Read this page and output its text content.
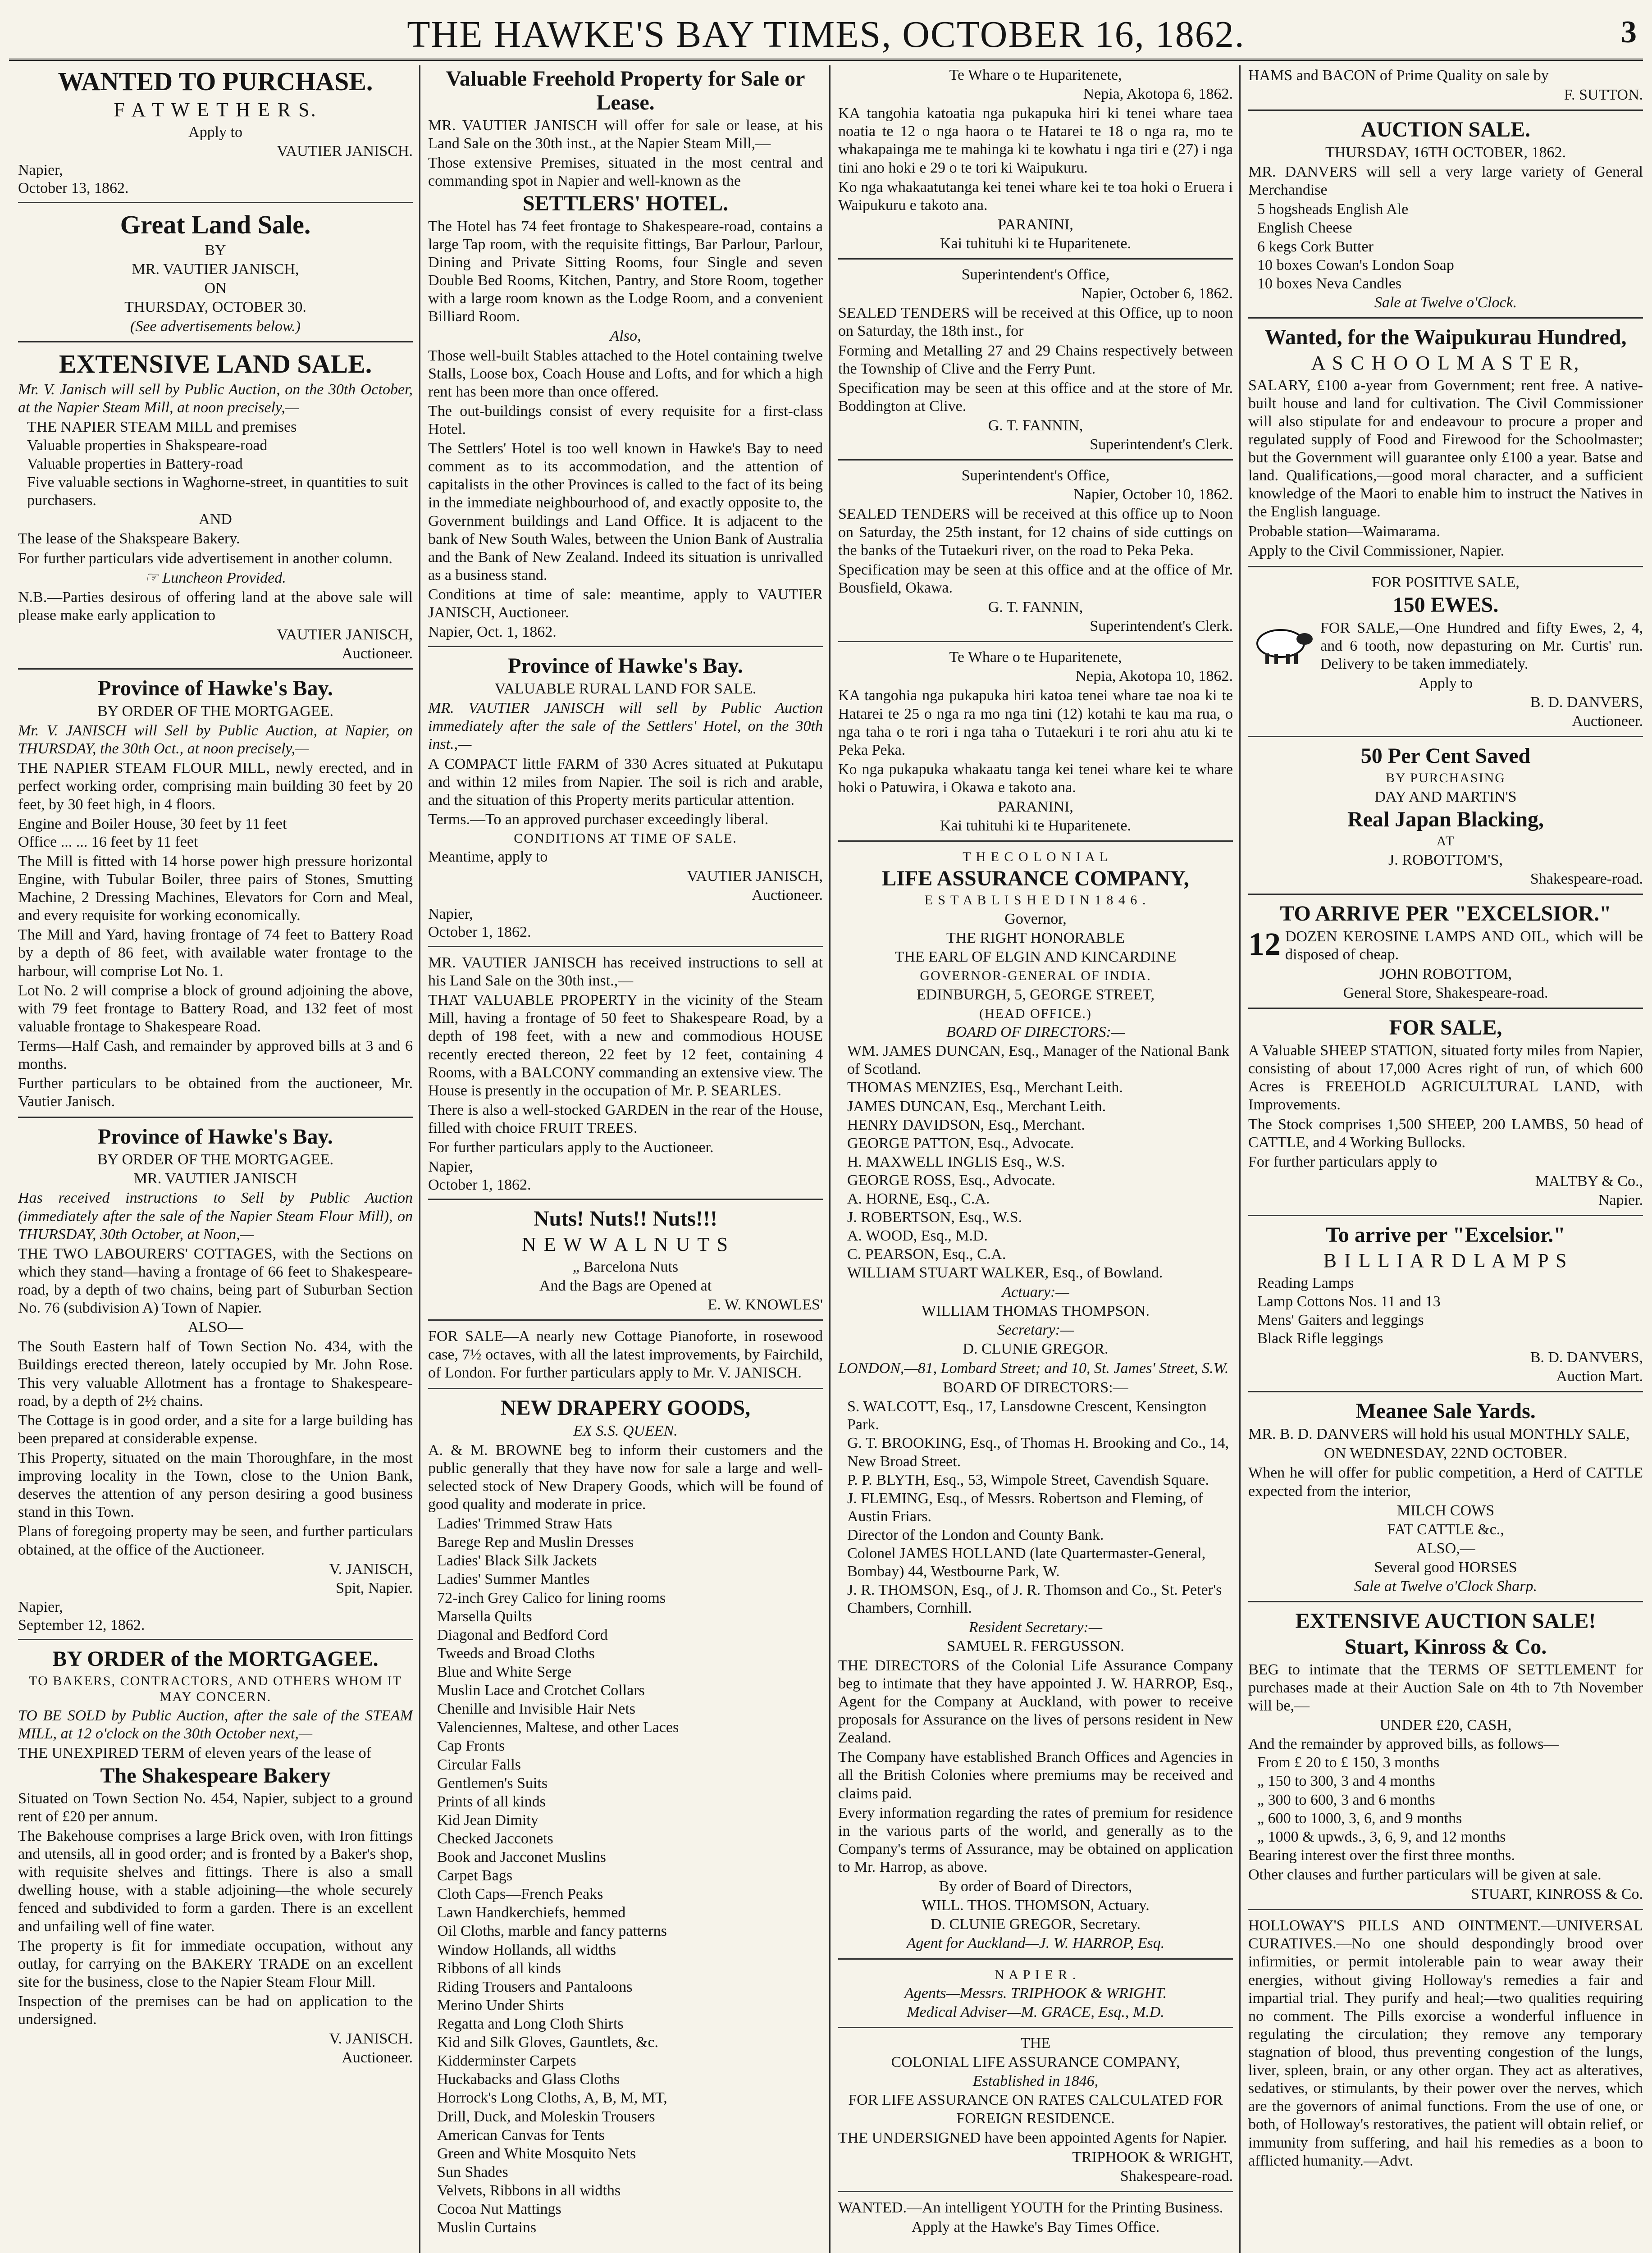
THE HAWKE'S BAY TIMES, OCTOBER 16, 1862.	3
WANTED TO PURCHASE.
F A T W E T H E R S.
Apply to
VAUTIER JANISCH.
Napier,
October 13, 1862.
Great Land Sale.
BY
MR. VAUTIER JANISCH,
ON
THURSDAY, OCTOBER 30.
(See advertisements below.)
EXTENSIVE LAND SALE.

Mr. V. Janisch will sell by Public Auction, on the 30th October, at the Napier Steam Mill, at noon precisely,—

THE NAPIER STEAM MILL and premises
Valuable properties in Shakspeare-road
Valuable properties in Battery-road
Five valuable sections in Waghorne-street, in quantities to suit purchasers.
AND

The lease of the Shakspeare Bakery.

For further particulars vide advertisement in another column.

☞ Luncheon Provided.

N.B.—Parties desirous of offering land at the above sale will please make early application to

VAUTIER JANISCH,
Auctioneer.
Province of Hawke's Bay.
BY ORDER OF THE MORTGAGEE.

Mr. V. JANISCH will Sell by Public Auction, at Napier, on THURSDAY, the 30th Oct., at noon precisely,—

THE NAPIER STEAM FLOUR MILL, newly erected, and in perfect working order, comprising main building 30 feet by 20 feet, by 30 feet high, in 4 floors.

Engine and Boiler House, 30 feet by 11 feet
Office ... ... 16 feet by 11 feet

The Mill is fitted with 14 horse power high pressure horizontal Engine, with Tubular Boiler, three pairs of Stones, Smutting Machine, 2 Dressing Machines, Elevators for Corn and Meal, and every requisite for working economically.

The Mill and Yard, having frontage of 74 feet to Battery Road by a depth of 86 feet, with available water frontage to the harbour, will comprise Lot No. 1.

Lot No. 2 will comprise a block of ground adjoining the above, with 79 feet frontage to Battery Road, and 132 feet of most valuable frontage to Shakespeare Road.

Terms—Half Cash, and remainder by approved bills at 3 and 6 months.

Further particulars to be obtained from the auctioneer, Mr. Vautier Janisch.

Province of Hawke's Bay.
BY ORDER OF THE MORTGAGEE.
MR. VAUTIER JANISCH

Has received instructions to Sell by Public Auction (immediately after the sale of the Napier Steam Flour Mill), on THURSDAY, 30th October, at Noon,—

THE TWO LABOURERS' COTTAGES, with the Sections on which they stand—having a frontage of 66 feet to Shakespeare-road, by a depth of two chains, being part of Suburban Section No. 76 (subdivision A) Town of Napier.

ALSO—

The South Eastern half of Town Section No. 434, with the Buildings erected thereon, lately occupied by Mr. John Rose. This very valuable Allotment has a frontage to Shakespeare-road, by a depth of 2½ chains.

The Cottage is in good order, and a site for a large building has been prepared at considerable expense.

This Property, situated on the main Thoroughfare, in the most improving locality in the Town, close to the Union Bank, deserves the attention of any person desiring a good business stand in this Town.

Plans of foregoing property may be seen, and further particulars obtained, at the office of the Auctioneer.

V. JANISCH,
Spit, Napier.
Napier,
September 12, 1862.
BY ORDER of the MORTGAGEE.
TO BAKERS, CONTRACTORS, AND OTHERS WHOM IT MAY CONCERN.

TO BE SOLD by Public Auction, after the sale of the STEAM MILL, at 12 o'clock on the 30th October next,—

THE UNEXPIRED TERM of eleven years of the lease of

The Shakespeare Bakery

Situated on Town Section No. 454, Napier, subject to a ground rent of £20 per annum.

The Bakehouse comprises a large Brick oven, with Iron fittings and utensils, all in good order; and is fronted by a Baker's shop, with requisite shelves and fittings. There is also a small dwelling house, with a stable adjoining—the whole securely fenced and subdivided to form a garden. There is an excellent and unfailing well of fine water.

The property is fit for immediate occupation, without any outlay, for carrying on the BAKERY TRADE on an excellent site for the business, close to the Napier Steam Flour Mill.

Inspection of the premises can be had on application to the undersigned.

V. JANISCH.
Auctioneer.
Valuable Freehold Property for Sale or Lease.

MR. VAUTIER JANISCH will offer for sale or lease, at his Land Sale on the 30th inst., at the Napier Steam Mill,—

Those extensive Premises, situated in the most central and commanding spot in Napier and well-known as the

SETTLERS' HOTEL.

The Hotel has 74 feet frontage to Shakespeare-road, contains a large Tap room, with the requisite fittings, Bar Parlour, Parlour, Dining and Private Sitting Rooms, four Single and seven Double Bed Rooms, Kitchen, Pantry, and Store Room, together with a large room known as the Lodge Room, and a convenient Billiard Room.

Also,

Those well-built Stables attached to the Hotel containing twelve Stalls, Loose box, Coach House and Lofts, and for which a high rent has been more than once offered.

The out-buildings consist of every requisite for a first-class Hotel.

The Settlers' Hotel is too well known in Hawke's Bay to need comment as to its accommodation, and the attention of capitalists in the other Provinces is called to the fact of its being in the immediate neighbourhood of, and exactly opposite to, the Government buildings and Land Office. It is adjacent to the bank of New South Wales, between the Union Bank of Australia and the Bank of New Zealand. Indeed its situation is unrivalled as a business stand.

Conditions at time of sale: meantime, apply to VAUTIER JANISCH, Auctioneer.

Napier, Oct. 1, 1862.
Province of Hawke's Bay.
VALUABLE RURAL LAND FOR SALE.

MR. VAUTIER JANISCH will sell by Public Auction immediately after the sale of the Settlers' Hotel, on the 30th inst.,—

A COMPACT little FARM of 330 Acres situated at Pukutapu and within 12 miles from Napier. The soil is rich and arable, and the situation of this Property merits particular attention.

Terms.—To an approved purchaser exceedingly liberal.

CONDITIONS AT TIME OF SALE.
Meantime, apply to
VAUTIER JANISCH,
Auctioneer.
Napier,
October 1, 1862.

MR. VAUTIER JANISCH has received instructions to sell at his Land Sale on the 30th inst.,—

THAT VALUABLE PROPERTY in the vicinity of the Steam Mill, having a frontage of 50 feet to Shakespeare Road, by a depth of 198 feet, with a new and commodious HOUSE recently erected thereon, 22 feet by 12 feet, containing 4 Rooms, with a BALCONY commanding an extensive view. The House is presently in the occupation of Mr. P. SEARLES.

There is also a well-stocked GARDEN in the rear of the House, filled with choice FRUIT TREES.

For further particulars apply to the Auctioneer.

Napier,
October 1, 1862.
Nuts! Nuts!! Nuts!!!
N E W W A L N U T S
„ Barcelona Nuts
And the Bags are Opened at
E. W. KNOWLES'

FOR SALE—A nearly new Cottage Pianoforte, in rosewood case, 7½ octaves, with all the latest improvements, by Fairchild, of London. For further particulars apply to Mr. V. JANISCH.

NEW DRAPERY GOODS,
EX S.S. QUEEN.

A. & M. BROWNE beg to inform their customers and the public generally that they have now for sale a large and well-selected stock of New Drapery Goods, which will be found of good quality and moderate in price.

Ladies' Trimmed Straw Hats
Barege Rep and Muslin Dresses
Ladies' Black Silk Jackets
Ladies' Summer Mantles
72-inch Grey Calico for lining rooms
Marsella Quilts
Diagonal and Bedford Cord
Tweeds and Broad Cloths
Blue and White Serge
Muslin Lace and Crotchet Collars
Chenille and Invisible Hair Nets
Valenciennes, Maltese, and other Laces
Cap Fronts
Circular Falls
Gentlemen's Suits
Prints of all kinds
Kid Jean Dimity
Checked Jacconets
Book and Jacconet Muslins
Carpet Bags
Cloth Caps—French Peaks
Lawn Handkerchiefs, hemmed
Oil Cloths, marble and fancy patterns
Window Hollands, all widths
Ribbons of all kinds
Riding Trousers and Pantaloons
Merino Under Shirts
Regatta and Long Cloth Shirts
Kid and Silk Gloves, Gauntlets, &c.
Kidderminster Carpets
Huckabacks and Glass Cloths
Horrock's Long Cloths, A, B, M, MT,
Drill, Duck, and Moleskin Trousers
American Canvas for Tents
Green and White Mosquito Nets
Sun Shades
Velvets, Ribbons in all widths
Cocoa Nut Mattings
Muslin Curtains
Te Whare o te Huparitenete,
Nepia, Akotopa 6, 1862.

KA tangohia katoatia nga pukapuka hiri ki tenei whare taea noatia te 12 o nga haora o te Hatarei te 18 o nga ra, mo te whakapainga me te mahinga ki te kowhatu i nga tiri e (27) i nga tini ano hoki e 29 o te tori ki Waipukuru.

Ko nga whakaatutanga kei tenei whare kei te toa hoki o Eruera i Waipukuru e takoto ana.

PARANINI,
Kai tuhituhi ki te Huparitenete.
Superintendent's Office,
Napier, October 6, 1862.

SEALED TENDERS will be received at this Office, up to noon on Saturday, the 18th inst., for

Forming and Metalling 27 and 29 Chains respectively between the Township of Clive and the Ferry Punt.

Specification may be seen at this office and at the store of Mr. Boddington at Clive.

G. T. FANNIN,
Superintendent's Clerk.
Superintendent's Office,
Napier, October 10, 1862.

SEALED TENDERS will be received at this office up to Noon on Saturday, the 25th instant, for 12 chains of side cuttings on the banks of the Tutaekuri river, on the road to Peka Peka.

Specification may be seen at this office and at the office of Mr. Bousfield, Okawa.

G. T. FANNIN,
Superintendent's Clerk.
Te Whare o te Huparitenete,
Nepia, Akotopa 10, 1862.

KA tangohia nga pukapuka hiri katoa tenei whare tae noa ki te Hatarei te 25 o nga ra mo nga tini (12) kotahi te kau ma rua, o nga taha o te rori i nga taha o Tutaekuri i te rori ahu atu ki te Peka Peka.

Ko nga pukapuka whakaatu tanga kei tenei whare kei te whare hoki o Patuwira, i Okawa e takoto ana.

PARANINI,
Kai tuhituhi ki te Huparitenete.
T H E C O L O N I A L
LIFE ASSURANCE COMPANY,
E S T A B L I S H E D I N 1 8 4 6 .
Governor,
THE RIGHT HONORABLE
THE EARL OF ELGIN AND KINCARDINE
GOVERNOR-GENERAL OF INDIA.
EDINBURGH, 5, GEORGE STREET,
(HEAD OFFICE.)
BOARD OF DIRECTORS:—
WM. JAMES DUNCAN, Esq., Manager of the National Bank of Scotland.
THOMAS MENZIES, Esq., Merchant Leith.
JAMES DUNCAN, Esq., Merchant Leith.
HENRY DAVIDSON, Esq., Merchant.
GEORGE PATTON, Esq., Advocate.
H. MAXWELL INGLIS Esq., W.S.
GEORGE ROSS, Esq., Advocate.
A. HORNE, Esq., C.A.
J. ROBERTSON, Esq., W.S.
A. WOOD, Esq., M.D.
C. PEARSON, Esq., C.A.
WILLIAM STUART WALKER, Esq., of Bowland.
Actuary:—
WILLIAM THOMAS THOMPSON.
Secretary:—
D. CLUNIE GREGOR.

LONDON,—81, Lombard Street; and 10, St. James' Street, S.W.

BOARD OF DIRECTORS:—
S. WALCOTT, Esq., 17, Lansdowne Crescent, Kensington Park.
G. T. BROOKING, Esq., of Thomas H. Brooking and Co., 14, New Broad Street.
P. P. BLYTH, Esq., 53, Wimpole Street, Cavendish Square.
J. FLEMING, Esq., of Messrs. Robertson and Fleming, of Austin Friars.
Director of the London and County Bank.
Colonel JAMES HOLLAND (late Quartermaster-General, Bombay) 44, Westbourne Park, W.
J. R. THOMSON, Esq., of J. R. Thomson and Co., St. Peter's Chambers, Cornhill.
Resident Secretary:—
SAMUEL R. FERGUSSON.

THE DIRECTORS of the Colonial Life Assurance Company beg to intimate that they have appointed J. W. HARROP, Esq., Agent for the Company at Auckland, with power to receive proposals for Assurance on the lives of persons resident in New Zealand.

The Company have established Branch Offices and Agencies in all the British Colonies where premiums may be received and claims paid.

Every information regarding the rates of premium for residence in the various parts of the world, and generally as to the Company's terms of Assurance, may be obtained on application to Mr. Harrop, as above.

By order of Board of Directors,
WILL. THOS. THOMSON, Actuary.
D. CLUNIE GREGOR, Secretary.
Agent for Auckland—J. W. HARROP, Esq.
N A P I E R .
Agents—Messrs. TRIPHOOK & WRIGHT.
Medical Adviser—M. GRACE, Esq., M.D.
THE
COLONIAL LIFE ASSURANCE COMPANY,
Established in 1846,
FOR LIFE ASSURANCE ON RATES CALCULATED FOR FOREIGN RESIDENCE.

THE UNDERSIGNED have been appointed Agents for Napier.

TRIPHOOK & WRIGHT,
Shakespeare-road.

WANTED.—An intelligent YOUTH for the Printing Business.

Apply at the Hawke's Bay Times Office.

HAMS and BACON of Prime Quality on sale by

F. SUTTON.
AUCTION SALE.
THURSDAY, 16TH OCTOBER, 1862.

MR. DANVERS will sell a very large variety of General Merchandise

5 hogsheads English Ale
English Cheese
6 kegs Cork Butter
10 boxes Cowan's London Soap
10 boxes Neva Candles
Sale at Twelve o'Clock.
Wanted, for the Waipukurau Hundred,
A S C H O O L M A S T E R,

SALARY, £100 a-year from Government; rent free. A native-built house and land for cultivation. The Civil Commissioner will also stipulate for and endeavour to procure a proper and regulated supply of Food and Firewood for the Schoolmaster; but the Government will guarantee only £100 a year. Batse and land. Qualifications,—good moral character, and a sufficient knowledge of the Maori to enable him to instruct the Natives in the English language.

Probable station—Waimarama.

Apply to the Civil Commissioner, Napier.

FOR POSITIVE SALE,
150 EWES.

FOR SALE,—One Hundred and fifty Ewes, 2, 4, and 6 tooth, now depasturing on Mr. Curtis' run. Delivery to be taken immediately.

Apply to
B. D. DANVERS,
Auctioneer.
50 Per Cent Saved
BY PURCHASING
DAY AND MARTIN'S
Real Japan Blacking,
AT
J. ROBOTTOM'S,
Shakespeare-road.
TO ARRIVE PER "EXCELSIOR."

12 DOZEN KEROSINE LAMPS AND OIL, which will be disposed of cheap.

JOHN ROBOTTOM,
General Store, Shakespeare-road.
FOR SALE,

A Valuable SHEEP STATION, situated forty miles from Napier, consisting of about 17,000 Acres right of run, of which 600 Acres is FREEHOLD AGRICULTURAL LAND, with Improvements.

The Stock comprises 1,500 SHEEP, 200 LAMBS, 50 head of CATTLE, and 4 Working Bullocks.

For further particulars apply to

MALTBY & Co.,
Napier.
To arrive per "Excelsior."
B I L L I A R D L A M P S
Reading Lamps
Lamp Cottons Nos. 11 and 13
Mens' Gaiters and leggings
Black Rifle leggings
B. D. DANVERS,
Auction Mart.
Meanee Sale Yards.

MR. B. D. DANVERS will hold his usual MONTHLY SALE,

ON WEDNESDAY, 22ND OCTOBER.

When he will offer for public competition, a Herd of CATTLE expected from the interior,

MILCH COWS
FAT CATTLE &c.,
ALSO,—
Several good HORSES
Sale at Twelve o'Clock Sharp.
EXTENSIVE AUCTION SALE!
Stuart, Kinross & Co.

BEG to intimate that the TERMS OF SETTLEMENT for purchases made at their Auction Sale on 4th to 7th November will be,—

UNDER £20, CASH,
And the remainder by approved bills, as follows—
From £ 20 to £ 150, 3 months
„ 150 to 300, 3 and 4 months
„ 300 to 600, 3 and 6 months
„ 600 to 1000, 3, 6, and 9 months
„ 1000 & upwds., 3, 6, 9, and 12 months
Bearing interest over the first three months.

Other clauses and further particulars will be given at sale.

STUART, KINROSS & Co.

HOLLOWAY'S PILLS AND OINTMENT.—UNIVERSAL CURATIVES.—No one should despondingly brood over infirmities, or permit intolerable pain to wear away their energies, without giving Holloway's remedies a fair and impartial trial. They purify and heal;—two qualities requiring no comment. The Pills exorcise a wonderful influence in regulating the circulation; they remove any temporary stagnation of blood, thus preventing congestion of the lungs, liver, spleen, brain, or any other organ. They act as alteratives, sedatives, or stimulants, by their power over the nerves, which are the governors of animal functions. From the use of one, or both, of Holloway's restoratives, the patient will obtain relief, or immunity from suffering, and hail his remedies as a boon to afflicted humanity.—Advt.
